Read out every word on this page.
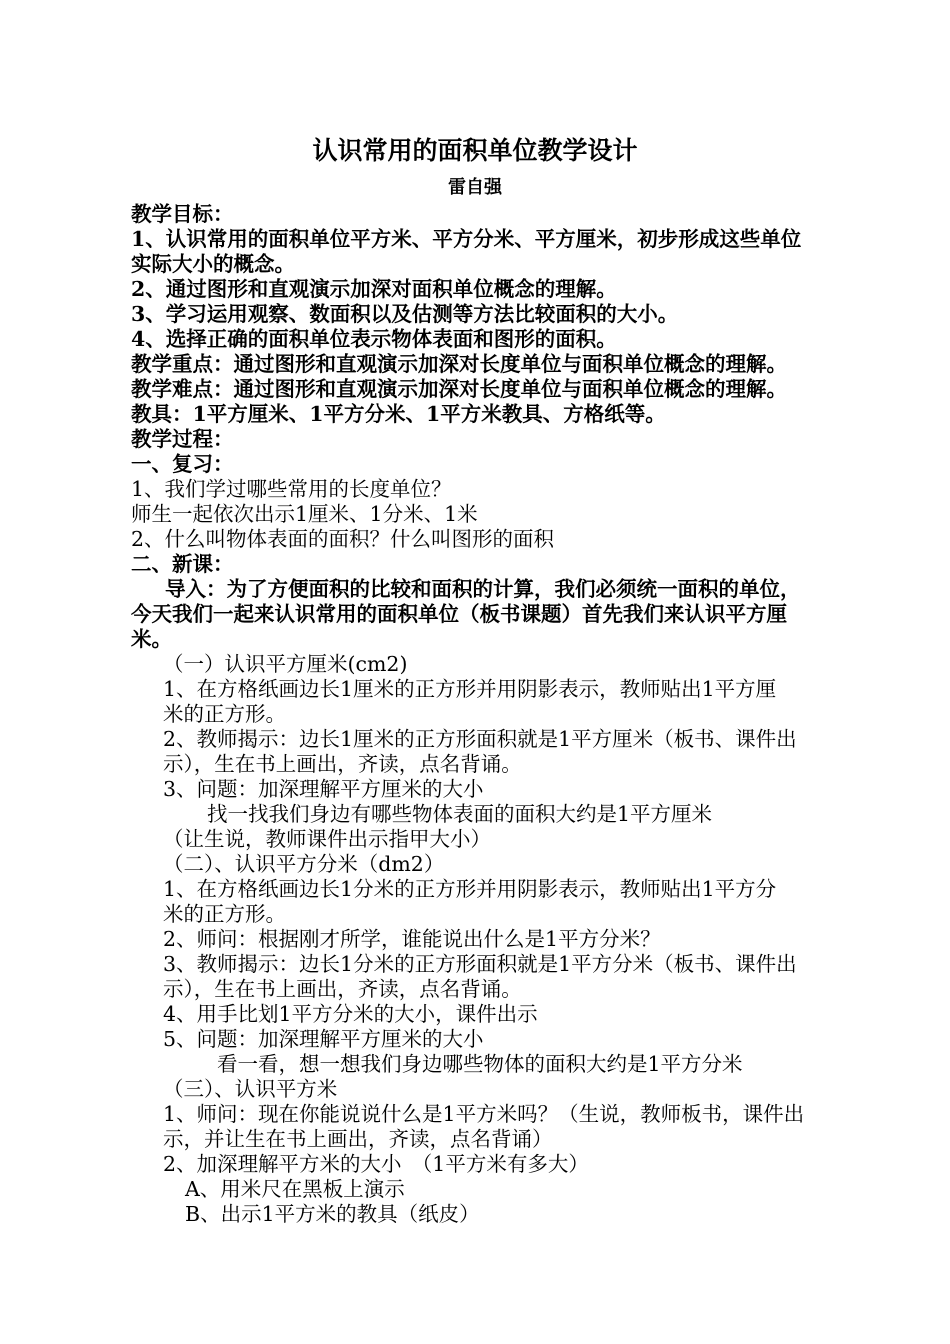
认识常用的面积单位教学设计
雷自强
教学目标：
1、认识常用的面积单位平方米、平方分米、平方厘米，初步形成这些单位
实际大小的概念。
2、通过图形和直观演示加深对面积单位概念的理解。
3、学习运用观察、数面积以及估测等方法比较面积的大小。
4、选择正确的面积单位表示物体表面和图形的面积。
教学重点：通过图形和直观演示加深对长度单位与面积单位概念的理解。
教学难点：通过图形和直观演示加深对长度单位与面积单位概念的理解。
教具：1平方厘米、1平方分米、1平方米教具、方格纸等。
教学过程：
一、复习：
1、我们学过哪些常用的长度单位？
师生一起依次出示1厘米、1分米、1米
2、什么叫物体表面的面积？什么叫图形的面积
二、新课：
导入：为了方便面积的比较和面积的计算，我们必须统一面积的单位，
今天我们一起来认识常用的面积单位（板书课题）首先我们来认识平方厘
米。
（一）认识平方厘米(cm2)
1、在方格纸画边长1厘米的正方形并用阴影表示，教师贴出1平方厘
米的正方形。
2、教师揭示：边长1厘米的正方形面积就是1平方厘米（板书、课件出
示），生在书上画出，齐读，点名背诵。
3、问题：加深理解平方厘米的大小
找一找我们身边有哪些物体表面的面积大约是1平方厘米
（让生说，教师课件出示指甲大小）
（二）、认识平方分米（dm2）
1、在方格纸画边长1分米的正方形并用阴影表示，教师贴出1平方分
米的正方形。
2、师问：根据刚才所学，谁能说出什么是1平方分米？
3、教师揭示：边长1分米的正方形面积就是1平方分米（板书、课件出
示），生在书上画出，齐读，点名背诵。
4、用手比划1平方分米的大小，课件出示
5、问题：加深理解平方厘米的大小
看一看，想一想我们身边哪些物体的面积大约是1平方分米
（三）、认识平方米
1、师问：现在你能说说什么是1平方米吗？（生说，教师板书，课件出
示，并让生在书上画出，齐读，点名背诵）
2、加深理解平方米的大小　（1平方米有多大）
A、用米尺在黑板上演示
B、出示1平方米的教具（纸皮）
